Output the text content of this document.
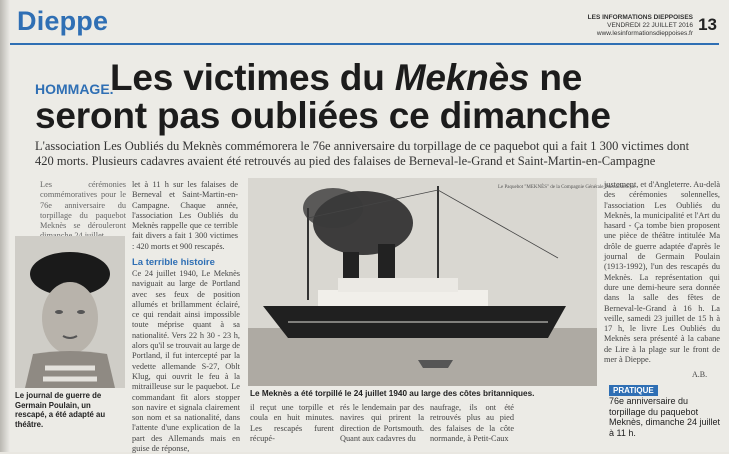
Dieppe	LES INFORMATIONS DIEPPOISES
VENDREDI 22 JUILLET 2016
www.lesinformationsdieppoises.fr 13
HOMMAGE.
Les victimes du Meknès ne
seront pas oubliées ce dimanche
L'association Les Oubliés du Meknès commémorera le 76e anniversaire du torpillage de ce paquebot qui a fait 1 300 victimes dont 420 morts. Plusieurs cadavres avaient été retrouvés au pied des falaises de Berneval-le-Grand et Saint-Martin-en-Campagne
Les cérémonies commémoratives pour le 76e anniversaire du torpillage du paquebot Meknès se dérouleront
let à 11 h sur les falaises de Berneval et Saint-Martin-en-Campagne. Chaque année, l'association Les Oubliés du Meknès rappelle que ce terrible fait divers a fait 1 300 victimes : 420 morts et 900 rescapés.
La terrible histoire
Ce 24 juillet 1940, Le Meknès naviguait au large de Portland avec ses feux de position allumés et brillamment éclairé, ce qui rendait ainsi impossible toute méprise quant à sa nationalité. Vers 22 h 30 - 23 h, alors qu'il se trouvait au large de Portland, il fut intercepté par la vedette allemande S-27, Oblt Klug, qui ouvrit le feu à la mitrailleuse sur le paquebot. Le commandant fit alors stopper son navire et signala clairement son nom et sa nationalité, dans l'attente d'une explication de la part des Allemands mais en guise de réponse,
justement, et d'Angleterre. Au-delà des cérémonies solennelles, l'association Les Oubliés du Meknès, la municipalité et l'Art du hasard - Ça tombe bien proposent une pièce de théâtre intitulée Ma drôle de guerre adaptée d'après le journal de Germain Poulain (1913-1992), l'un des rescapés du Meknès. La représentation qui dure une demi-heure sera donnée dans la salle des fêtes de Berneval-le-Grand à 16 h. La veille, samedi 23 juillet de 15 h à 17 h, le livre Les Oubliés du Meknès sera présenté à la cabane de Lire à la plage sur le front de mer à Dieppe.
A.B.
Le journal de guerre de Germain Poulain, un rescapé, a été adapté au théâtre.
Le Paquebot "MEKNÈS" de la Compagnie Générale Transatlantique
Le Meknès a été torpillé le 24 juillet 1940 au large des côtes britanniques.
il reçut une torpille et coula en huit minutes. Les rescapés furent récupé-
rés le lendemain par des navires qui prirent la direction de Portsmouth. Quant aux cadavres du
naufrage, ils ont été retrouvés plus au pied des falaises de la côte normande, à Petit-Caux
PRATIQUE
76e anniversaire du torpillage du paquebot Meknès, dimanche 24 juillet à 11 h.
